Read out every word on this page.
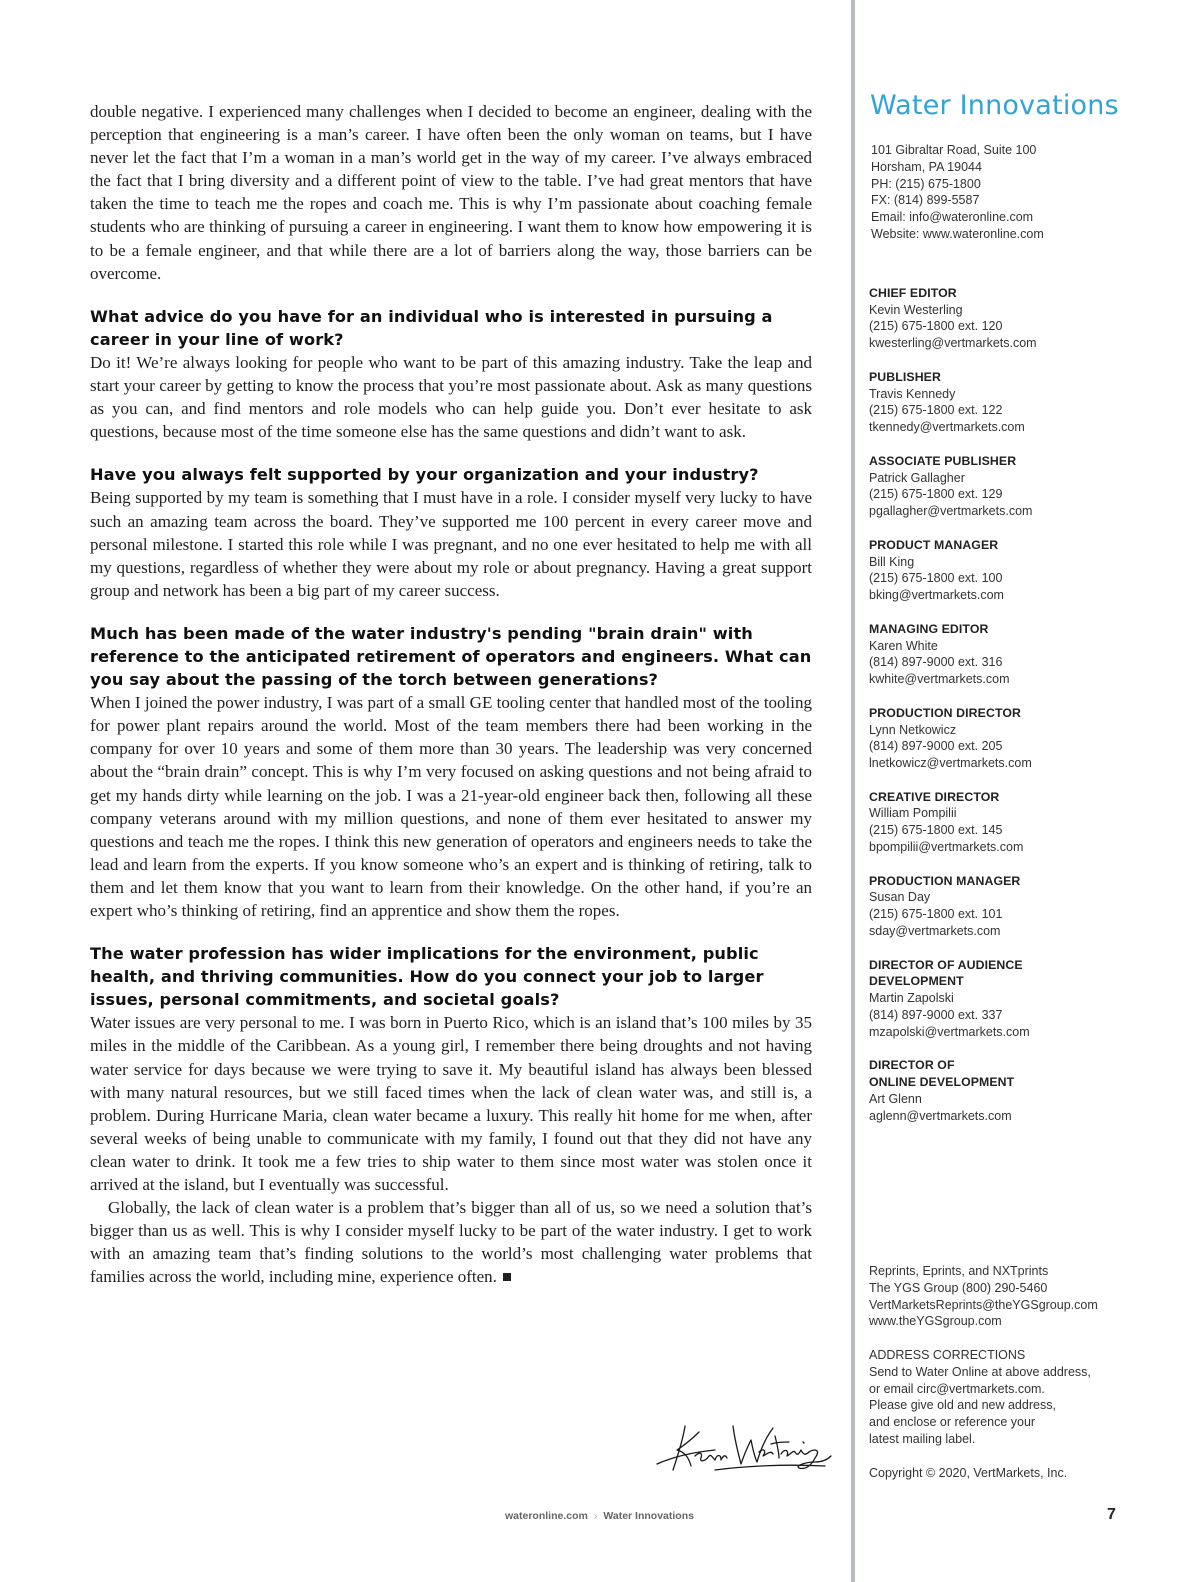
double negative. I experienced many challenges when I decided to become an engineer, dealing with the perception that engineering is a man’s career. I have often been the only woman on teams, but I have never let the fact that I’m a woman in a man’s world get in the way of my career. I’ve always embraced the fact that I bring diversity and a different point of view to the table. I’ve had great mentors that have taken the time to teach me the ropes and coach me. This is why I’m passionate about coaching female students who are thinking of pursuing a career in engineering. I want them to know how empowering it is to be a female engineer, and that while there are a lot of barriers along the way, those barriers can be overcome.

What advice do you have for an individual who is interested in pursuing a career in your line of work?

Do it! We’re always looking for people who want to be part of this amazing industry. Take the leap and start your career by getting to know the process that you’re most passionate about. Ask as many questions as you can, and find mentors and role models who can help guide you. Don’t ever hesitate to ask questions, because most of the time someone else has the same questions and didn’t want to ask.

Have you always felt supported by your organization and your industry?

Being supported by my team is something that I must have in a role. I consider myself very lucky to have such an amazing team across the board. They’ve supported me 100 percent in every career move and personal milestone. I started this role while I was pregnant, and no one ever hesitated to help me with all my questions, regardless of whether they were about my role or about pregnancy. Having a great support group and network has been a big part of my career success.

Much has been made of the water industry's pending "brain drain" with reference to the anticipated retirement of operators and engineers. What can you say about the passing of the torch between generations?

When I joined the power industry, I was part of a small GE tooling center that handled most of the tooling for power plant repairs around the world. Most of the team members there had been working in the company for over 10 years and some of them more than 30 years. The leadership was very concerned about the “brain drain” concept. This is why I’m very focused on asking questions and not being afraid to get my hands dirty while learning on the job. I was a 21-year-old engineer back then, following all these company veterans around with my million questions, and none of them ever hesitated to answer my questions and teach me the ropes. I think this new generation of operators and engineers needs to take the lead and learn from the experts. If you know someone who’s an expert and is thinking of retiring, talk to them and let them know that you want to learn from their knowledge. On the other hand, if you’re an expert who’s thinking of retiring, find an apprentice and show them the ropes.

The water profession has wider implications for the environment, public health, and thriving communities. How do you connect your job to larger issues, personal commitments, and societal goals?

Water issues are very personal to me. I was born in Puerto Rico, which is an island that’s 100 miles by 35 miles in the middle of the Caribbean. As a young girl, I remember there being droughts and not having water service for days because we were trying to save it. My beautiful island has always been blessed with many natural resources, but we still faced times when the lack of clean water was, and still is, a problem. During Hurricane Maria, clean water became a luxury. This really hit home for me when, after several weeks of being unable to communicate with my family, I found out that they did not have any clean water to drink. It took me a few tries to ship water to them since most water was stolen once it arrived at the island, but I eventually was successful.

Globally, the lack of clean water is a problem that’s bigger than all of us, so we need a solution that’s bigger than us as well. This is why I consider myself lucky to be part of the water industry. I get to work with an amazing team that’s finding solutions to the world’s most challenging water problems that families across the world, including mine, experience often.

Water Innovations
101 Gibraltar Road, Suite 100
Horsham, PA 19044
PH: (215) 675-1800
FX: (814) 899-5587
Email: info@wateronline.com
Website: www.wateronline.com
CHIEF EDITOR
Kevin Westerling
(215) 675-1800 ext. 120
kwesterling@vertmarkets.com
PUBLISHER
Travis Kennedy
(215) 675-1800 ext. 122
tkennedy@vertmarkets.com
ASSOCIATE PUBLISHER
Patrick Gallagher
(215) 675-1800 ext. 129
pgallagher@vertmarkets.com
PRODUCT MANAGER
Bill King
(215) 675-1800 ext. 100
bking@vertmarkets.com
MANAGING EDITOR
Karen White
(814) 897-9000 ext. 316
kwhite@vertmarkets.com
PRODUCTION DIRECTOR
Lynn Netkowicz
(814) 897-9000 ext. 205
lnetkowicz@vertmarkets.com
CREATIVE DIRECTOR
William Pompilii
(215) 675-1800 ext. 145
bpompilii@vertmarkets.com
PRODUCTION MANAGER
Susan Day
(215) 675-1800 ext. 101
sday@vertmarkets.com
DIRECTOR OF AUDIENCE
DEVELOPMENT
Martin Zapolski
(814) 897-9000 ext. 337
mzapolski@vertmarkets.com
DIRECTOR OF
ONLINE DEVELOPMENT
Art Glenn
aglenn@vertmarkets.com
Reprints, Eprints, and NXTprints
The YGS Group (800) 290-5460
VertMarketsReprints@theYGSgroup.com
www.theYGSgroup.com
ADDRESS CORRECTIONS
Send to Water Online at above address,
or email circ@vertmarkets.com.
Please give old and new address,
and enclose or reference your
latest mailing label.
Copyright © 2020, VertMarkets, Inc.
wateronline.com › Water Innovations	7
